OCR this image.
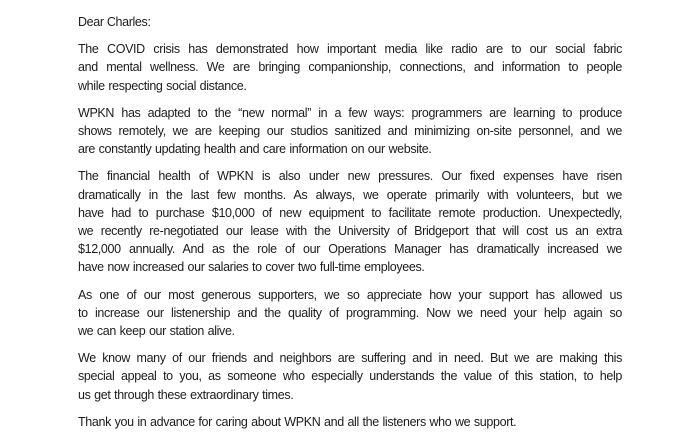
Dear Charles:
The COVID crisis has demonstrated how important media like radio are to our social fabric
and mental wellness. We are bringing companionship, connections, and information to people
while respecting social distance.
WPKN has adapted to the “new normal” in a few ways: programmers are learning to produce
shows remotely, we are keeping our studios sanitized and minimizing on-site personnel, and we
are constantly updating health and care information on our website.
The financial health of WPKN is also under new pressures. Our fixed expenses have risen
dramatically in the last few months. As always, we operate primarily with volunteers, but we
have had to purchase $10,000 of new equipment to facilitate remote production. Unexpectedly,
we recently re-negotiated our lease with the University of Bridgeport that will cost us an extra
$12,000 annually. And as the role of our Operations Manager has dramatically increased we
have now increased our salaries to cover two full-time employees.
As one of our most generous supporters, we so appreciate how your support has allowed us
to increase our listenership and the quality of programming. Now we need your help again so
we can keep our station alive.
We know many of our friends and neighbors are suffering and in need. But we are making this
special appeal to you, as someone who especially understands the value of this station, to help
us get through these extraordinary times.
Thank you in advance for caring about WPKN and all the listeners who we support.
